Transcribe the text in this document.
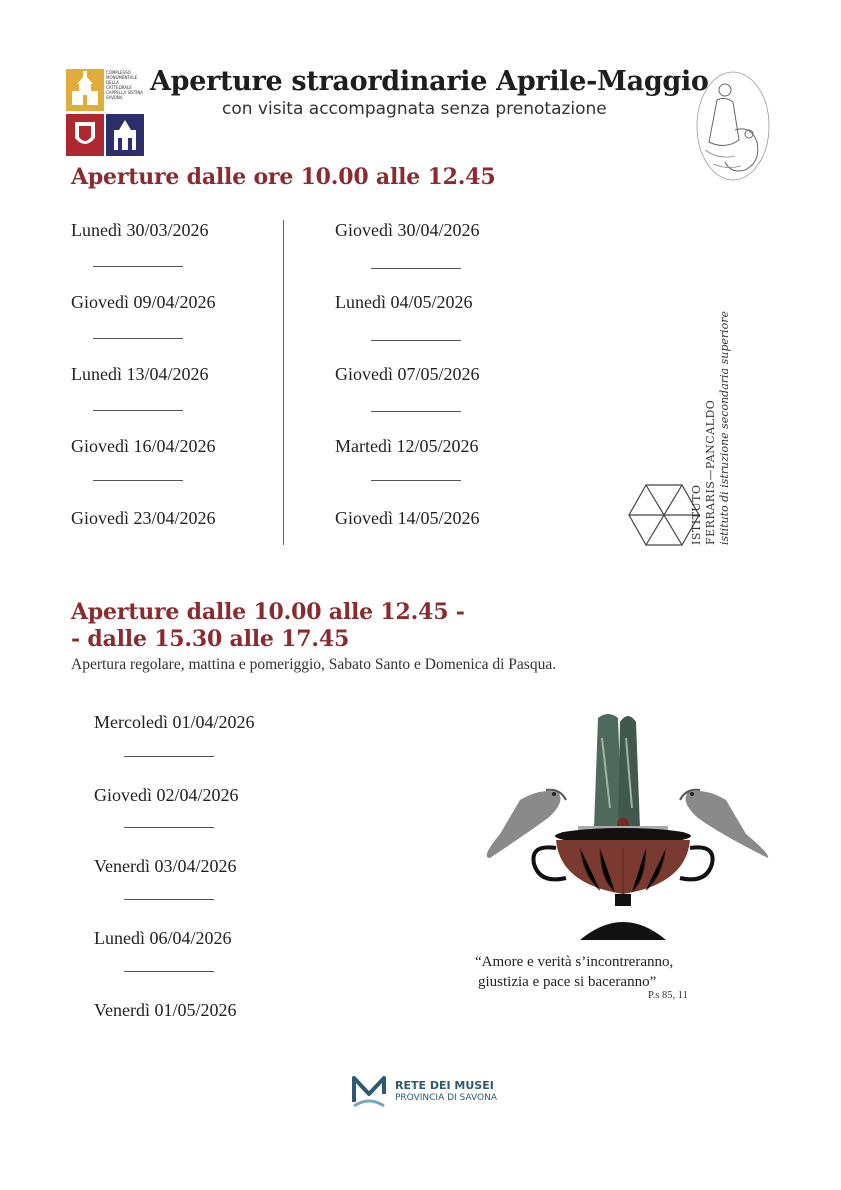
COMPLESSO MONUMENTALE DELLA CATTEDRALE CAPPELLA SISTINA SAVONA
Aperture straordinarie Aprile-Maggio
con visita accompagnata senza prenotazione
Aperture dalle ore 10.00 alle 12.45
Lunedì 30/03/2026
Giovedì 09/04/2026
Lunedì 13/04/2026
Giovedì 16/04/2026
Giovedì 23/04/2026
Giovedì 30/04/2026
Lunedì 04/05/2026
Giovedì 07/05/2026
Martedì 12/05/2026
Giovedì 14/05/2026	ISTITUTO FERRARIS—PANCALDO istituto di istruzione secondaria superiore
Aperture dalle 10.00 alle 12.45 -
- dalle 15.30 alle 17.45
Apertura regolare, mattina e pomeriggio, Sabato Santo e Domenica di Pasqua.
Mercoledì 01/04/2026
Giovedì 02/04/2026
Venerdì 03/04/2026
Lunedì 06/04/2026
Venerdì 01/05/2026
“Amore e verità s’incontreranno,
giustizia e pace si baceranno”
P.s 85, 11
RETE DEI MUSEI
PROVINCIA DI SAVONA
